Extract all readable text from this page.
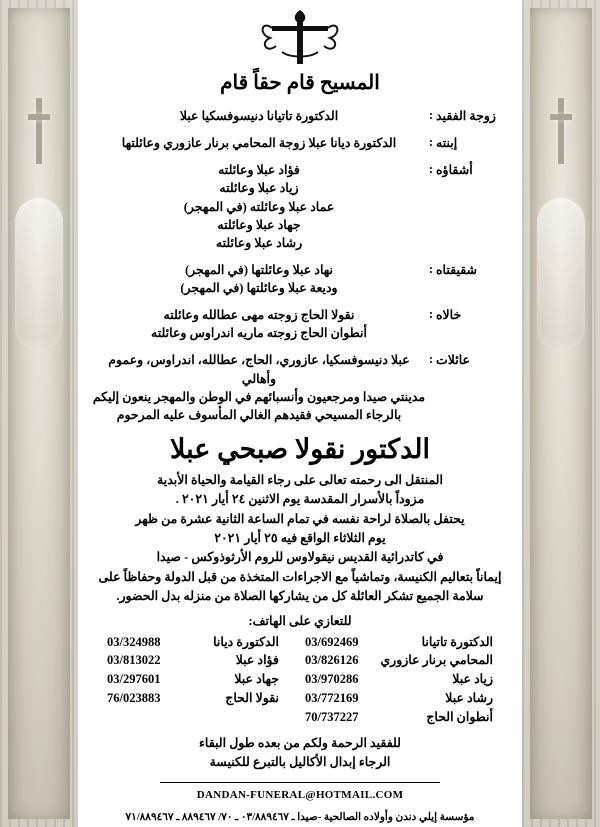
المسيح قام حقاً قام
زوجة الفقيد
:
الدكتورة تاتيانا دنيسوفسكيا عبلا
إبنته
:
الدكتورة ديانا عبلا زوجة المحامي برنار عازوري وعائلتها
أشقاؤه
:
فؤاد عبلا وعائلته
زياد عبلا وعائلته
عماد عبلا وعائلته (في المهجر)
جهاد عبلا وعائلته
رشاد عبلا وعائلته
شقيقتاه
:
نهاد عبلا وعائلتها (في المهجر)
وديعة عبلا وعائلتها (في المهجر)
خالاه
:
نقولا الحاج زوجته مهى عطالله وعائلته
أنطوان الحاج زوجته ماريه اندراوس وعائلته
عائلات
:
عبلا دنيسوفسكيا، عازوري، الحاج، عطالله، اندراوس، وعموم وأهالي
مدينتي صيدا ومرجعيون وأنسبائهم في الوطن والمهجر ينعون إليكم
بالرجاء المسيحي فقيدهم الغالي المأسوف عليه المرحوم
الدكتور نقولا صبحي عبلا
المنتقل الى رحمته تعالى على رجاء القيامة والحياة الأبدية
مزوداً بالأسرار المقدسة يوم الاثنين ٢٤ أيار ٢٠٢١ .
يحتفل بالصلاة لراحة نفسه في تمام الساعة الثانية عشرة من ظهر
يوم الثلاثاء الواقع فيه ٢٥ أيار ٢٠٢١
في كاتدرائية القديس نيقولاوس للروم الأرثوذوكس - صيدا
إيماناً بتعاليم الكنيسة، وتماشياً مع الاجراءات المتخذة من قبل الدولة وحفاظاً على
سلامة الجميع تشكر العائلة كل من يشاركها الصلاة من منزله بدل الحضور.
للتعازي على الهاتف:
الدكتورة تاتيانا
المحامي برنار عازوري
زياد عبلا
رشاد عبلا
أنطوان الحاج
03/692469
03/826126
03/970286
03/772169
70/737227
الدكتورة ديانا
فؤاد عبلا
جهاد عبلا
نقولا الحاج
03/324988
03/813022
03/297601
76/023883
للفقيد الرحمة ولكم من بعده طول البقاء
الرجاء إبدال الأكاليل بالتبرع للكنيسة
DANDAN-FUNERAL@HOTMAIL.COM
مؤسسة إيلي دندن وأولاده الصالحية -صيدا ـ ٠٣/٨٨٩٤٦٧ ـ ٧٠/ ٨٨٩٤٦٧ ـ ٧١/٨٨٩٤٦٧
